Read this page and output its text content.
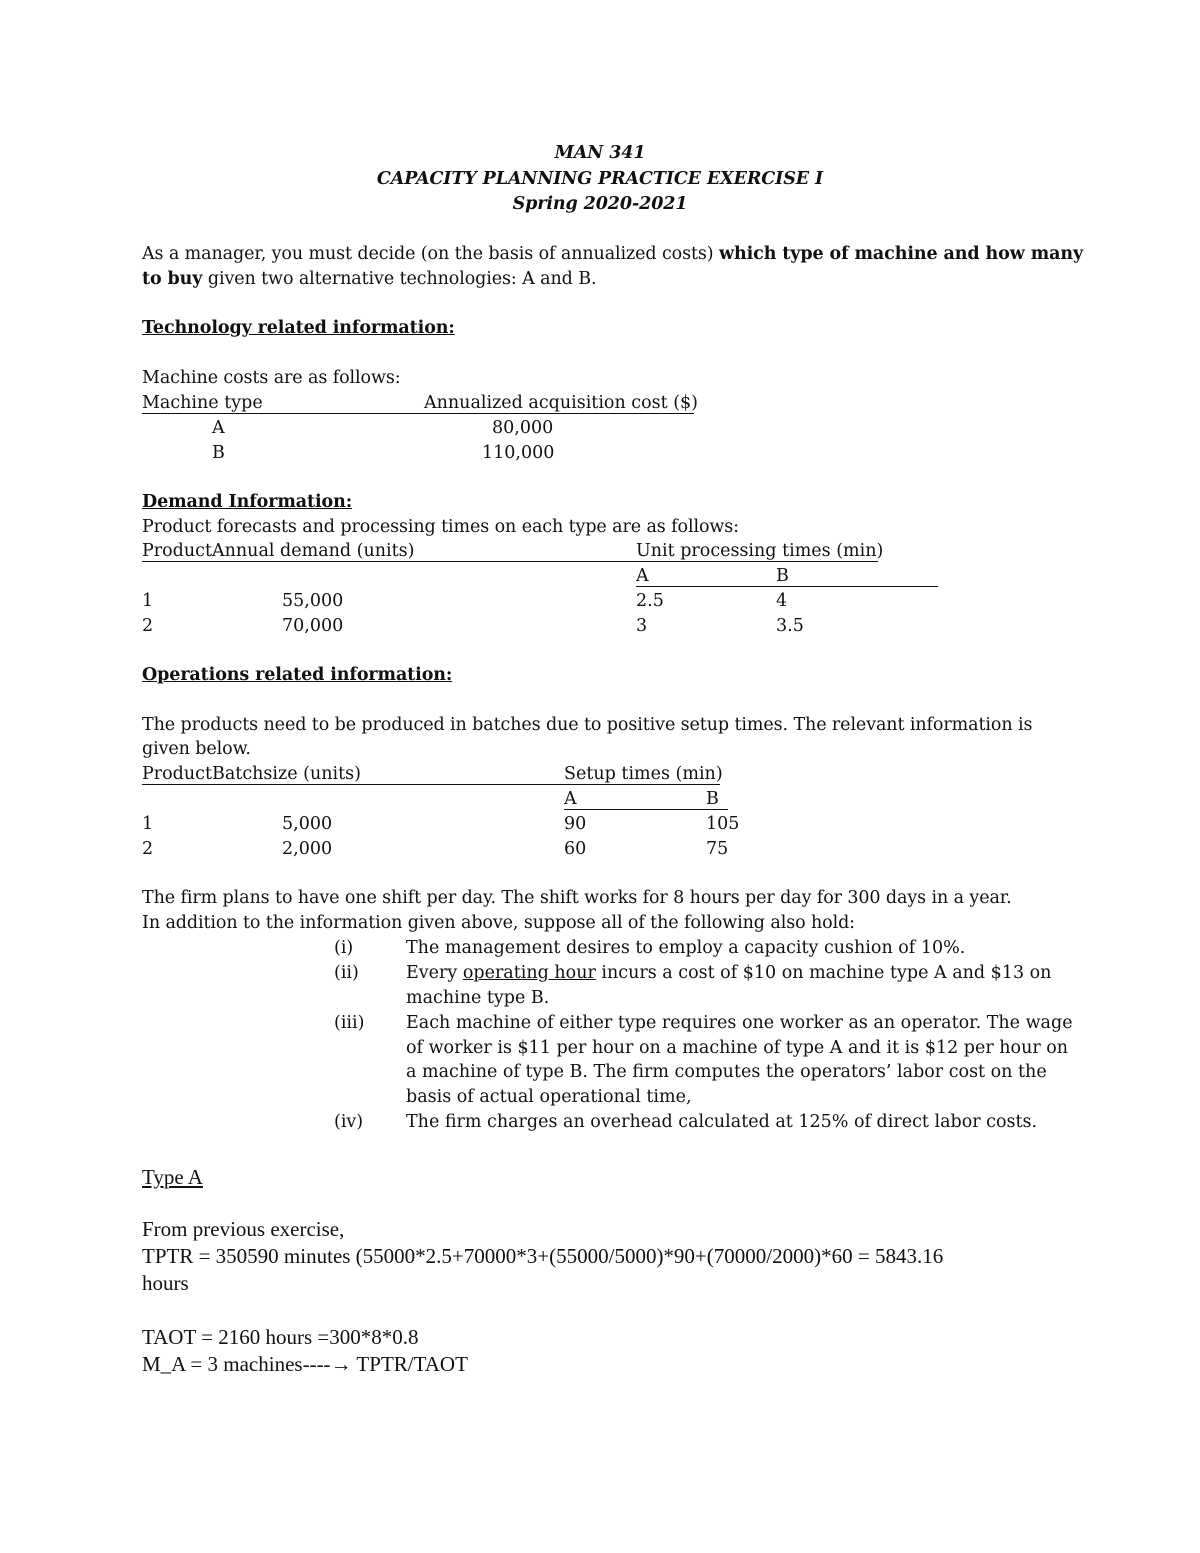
MAN 341
CAPACITY PLANNING PRACTICE EXERCISE I
Spring 2020-2021
As a manager, you must decide (on the basis of annualized costs) which type of machine and how many
to buy given two alternative technologies: A and B.
Technology related information:
Machine costs are as follows:
Machine type	Annualized acquisition cost ($)
A	80,000
B	110,000
Demand Information:
Product forecasts and processing times on each type are as follows:
Product Annual demand (units)	Unit processing times (min)
A	B
1	55,000	2.5	4
2	70,000	3	3.5
Operations related information:
The products need to be produced in batches due to positive setup times. The relevant information is
given below.
Product Batchsize (units)	Setup times (min)
A	B
1	5,000	90	105
2	2,000	60	75
The firm plans to have one shift per day. The shift works for 8 hours per day for 300 days in a year.
In addition to the information given above, suppose all of the following also hold:
(i)	The management desires to employ a capacity cushion of 10%.
(ii)	Every operating hour incurs a cost of $10 on machine type A and $13 on
machine type B.
(iii) Each machine of either type requires one worker as an operator. The wage
of worker is $11 per hour on a machine of type A and it is $12 per hour on
a machine of type B. The firm computes the operators’ labor cost on the
basis of actual operational time,
(iv) The firm charges an overhead calculated at 125% of direct labor costs.
Type A
From previous exercise,
TPTR = 350590 minutes (55000*2.5+70000*3+(55000/5000)*90+(70000/2000)*60 = 5843.16
hours
TAOT = 2160 hours =300*8*0.8
M_A = 3 machines----→ TPTR/TAOT
